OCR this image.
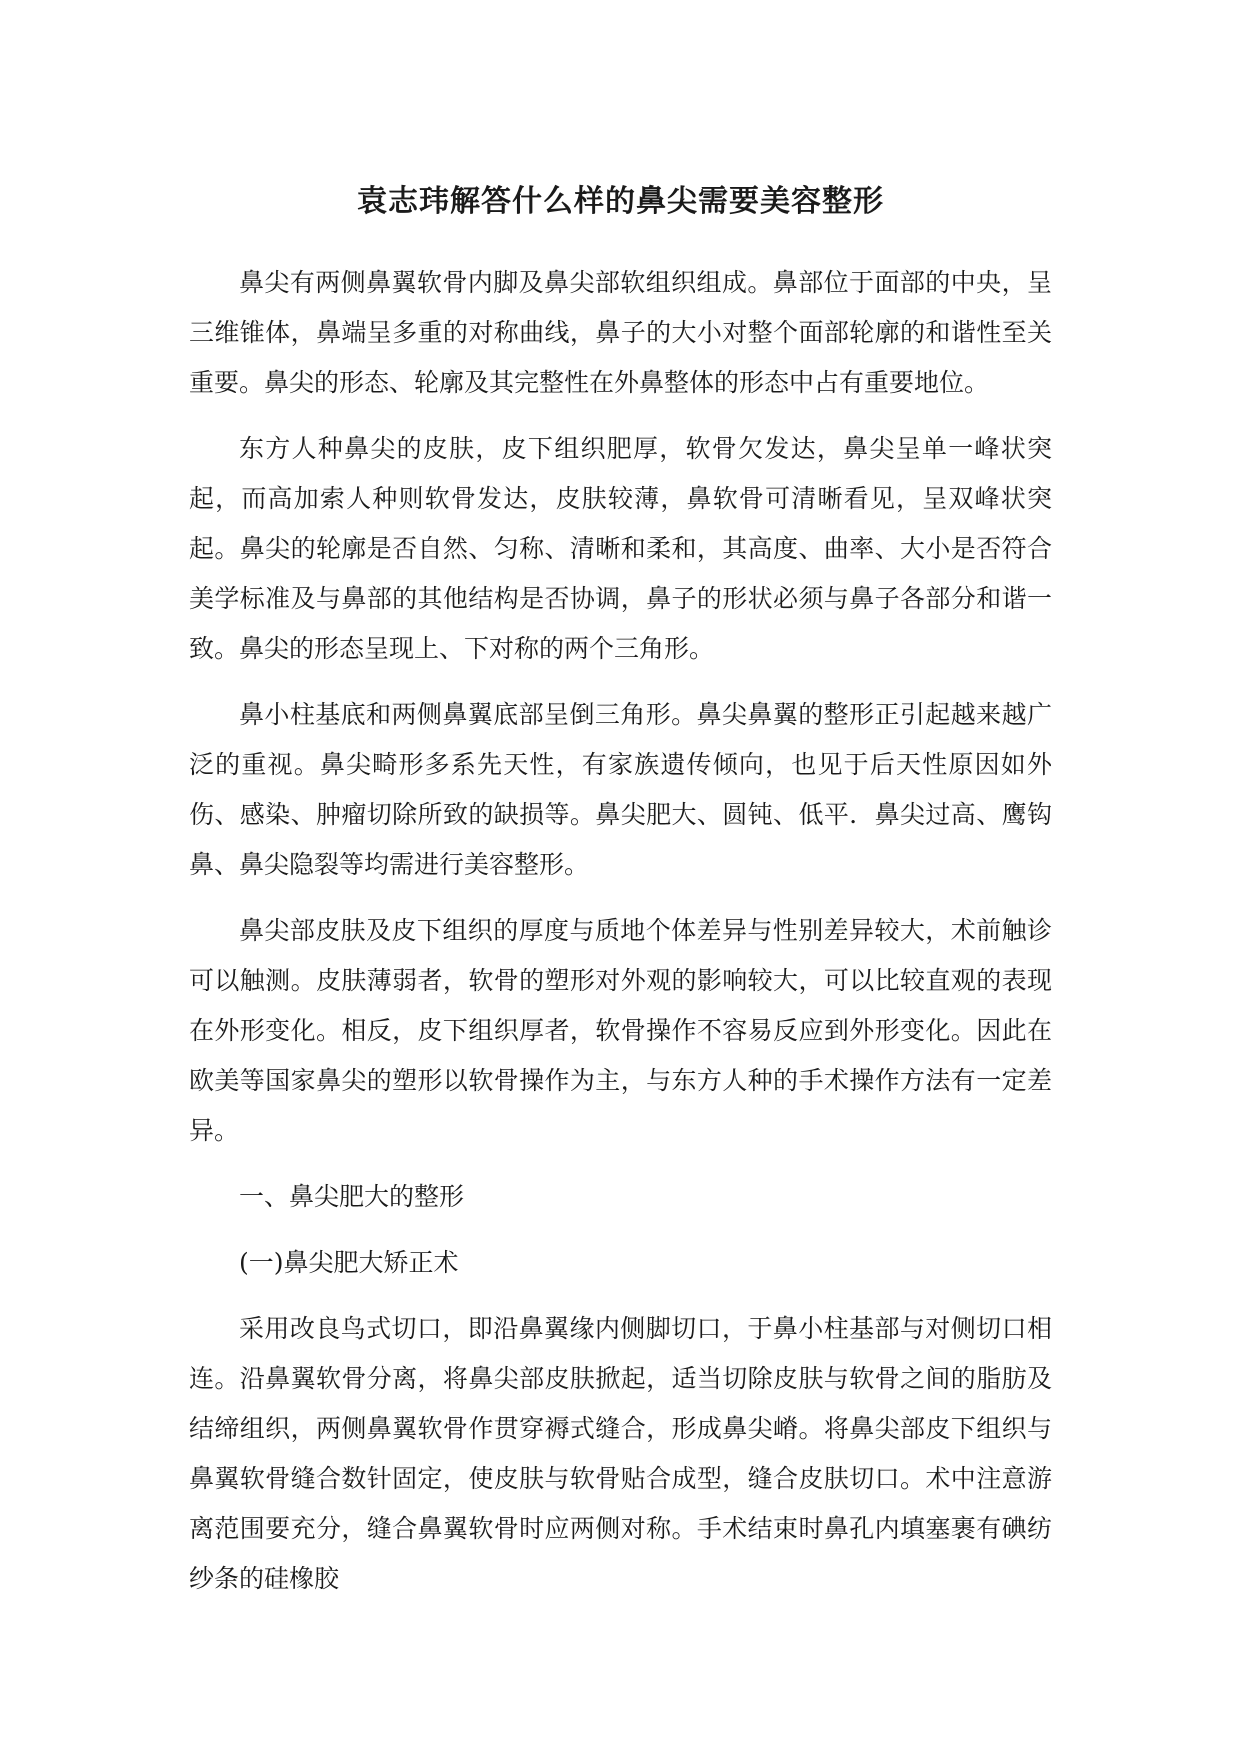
袁志玮解答什么样的鼻尖需要美容整形

鼻尖有两侧鼻翼软骨内脚及鼻尖部软组织组成。鼻部位于面部的中央，呈三维锥体，鼻端呈多重的对称曲线，鼻子的大小对整个面部轮廓的和谐性至关重要。鼻尖的形态、轮廓及其完整性在外鼻整体的形态中占有重要地位。

东方人种鼻尖的皮肤，皮下组织肥厚，软骨欠发达，鼻尖呈单一峰状突起，而高加索人种则软骨发达，皮肤较薄，鼻软骨可清晰看见，呈双峰状突起。鼻尖的轮廓是否自然、匀称、清晰和柔和，其高度、曲率、大小是否符合美学标准及与鼻部的其他结构是否协调，鼻子的形状必须与鼻子各部分和谐一致。鼻尖的形态呈现上、下对称的两个三角形。

鼻小柱基底和两侧鼻翼底部呈倒三角形。鼻尖鼻翼的整形正引起越来越广泛的重视。鼻尖畸形多系先天性，有家族遗传倾向，也见于后天性原因如外伤、感染、肿瘤切除所致的缺损等。鼻尖肥大、圆钝、低平．鼻尖过高、鹰钩鼻、鼻尖隐裂等均需进行美容整形。

鼻尖部皮肤及皮下组织的厚度与质地个体差异与性别差异较大，术前触诊可以触测。皮肤薄弱者，软骨的塑形对外观的影响较大，可以比较直观的表现在外形变化。相反，皮下组织厚者，软骨操作不容易反应到外形变化。因此在欧美等国家鼻尖的塑形以软骨操作为主，与东方人种的手术操作方法有一定差异。

一、鼻尖肥大的整形

(一)鼻尖肥大矫正术

采用改良鸟式切口，即沿鼻翼缘内侧脚切口，于鼻小柱基部与对侧切口相连。沿鼻翼软骨分离，将鼻尖部皮肤掀起，适当切除皮肤与软骨之间的脂肪及结缔组织，两侧鼻翼软骨作贯穿褥式缝合，形成鼻尖嵴。将鼻尖部皮下组织与鼻翼软骨缝合数针固定，使皮肤与软骨贴合成型，缝合皮肤切口。术中注意游离范围要充分，缝合鼻翼软骨时应两侧对称。手术结束时鼻孔内填塞裹有碘纺纱条的硅橡胶
